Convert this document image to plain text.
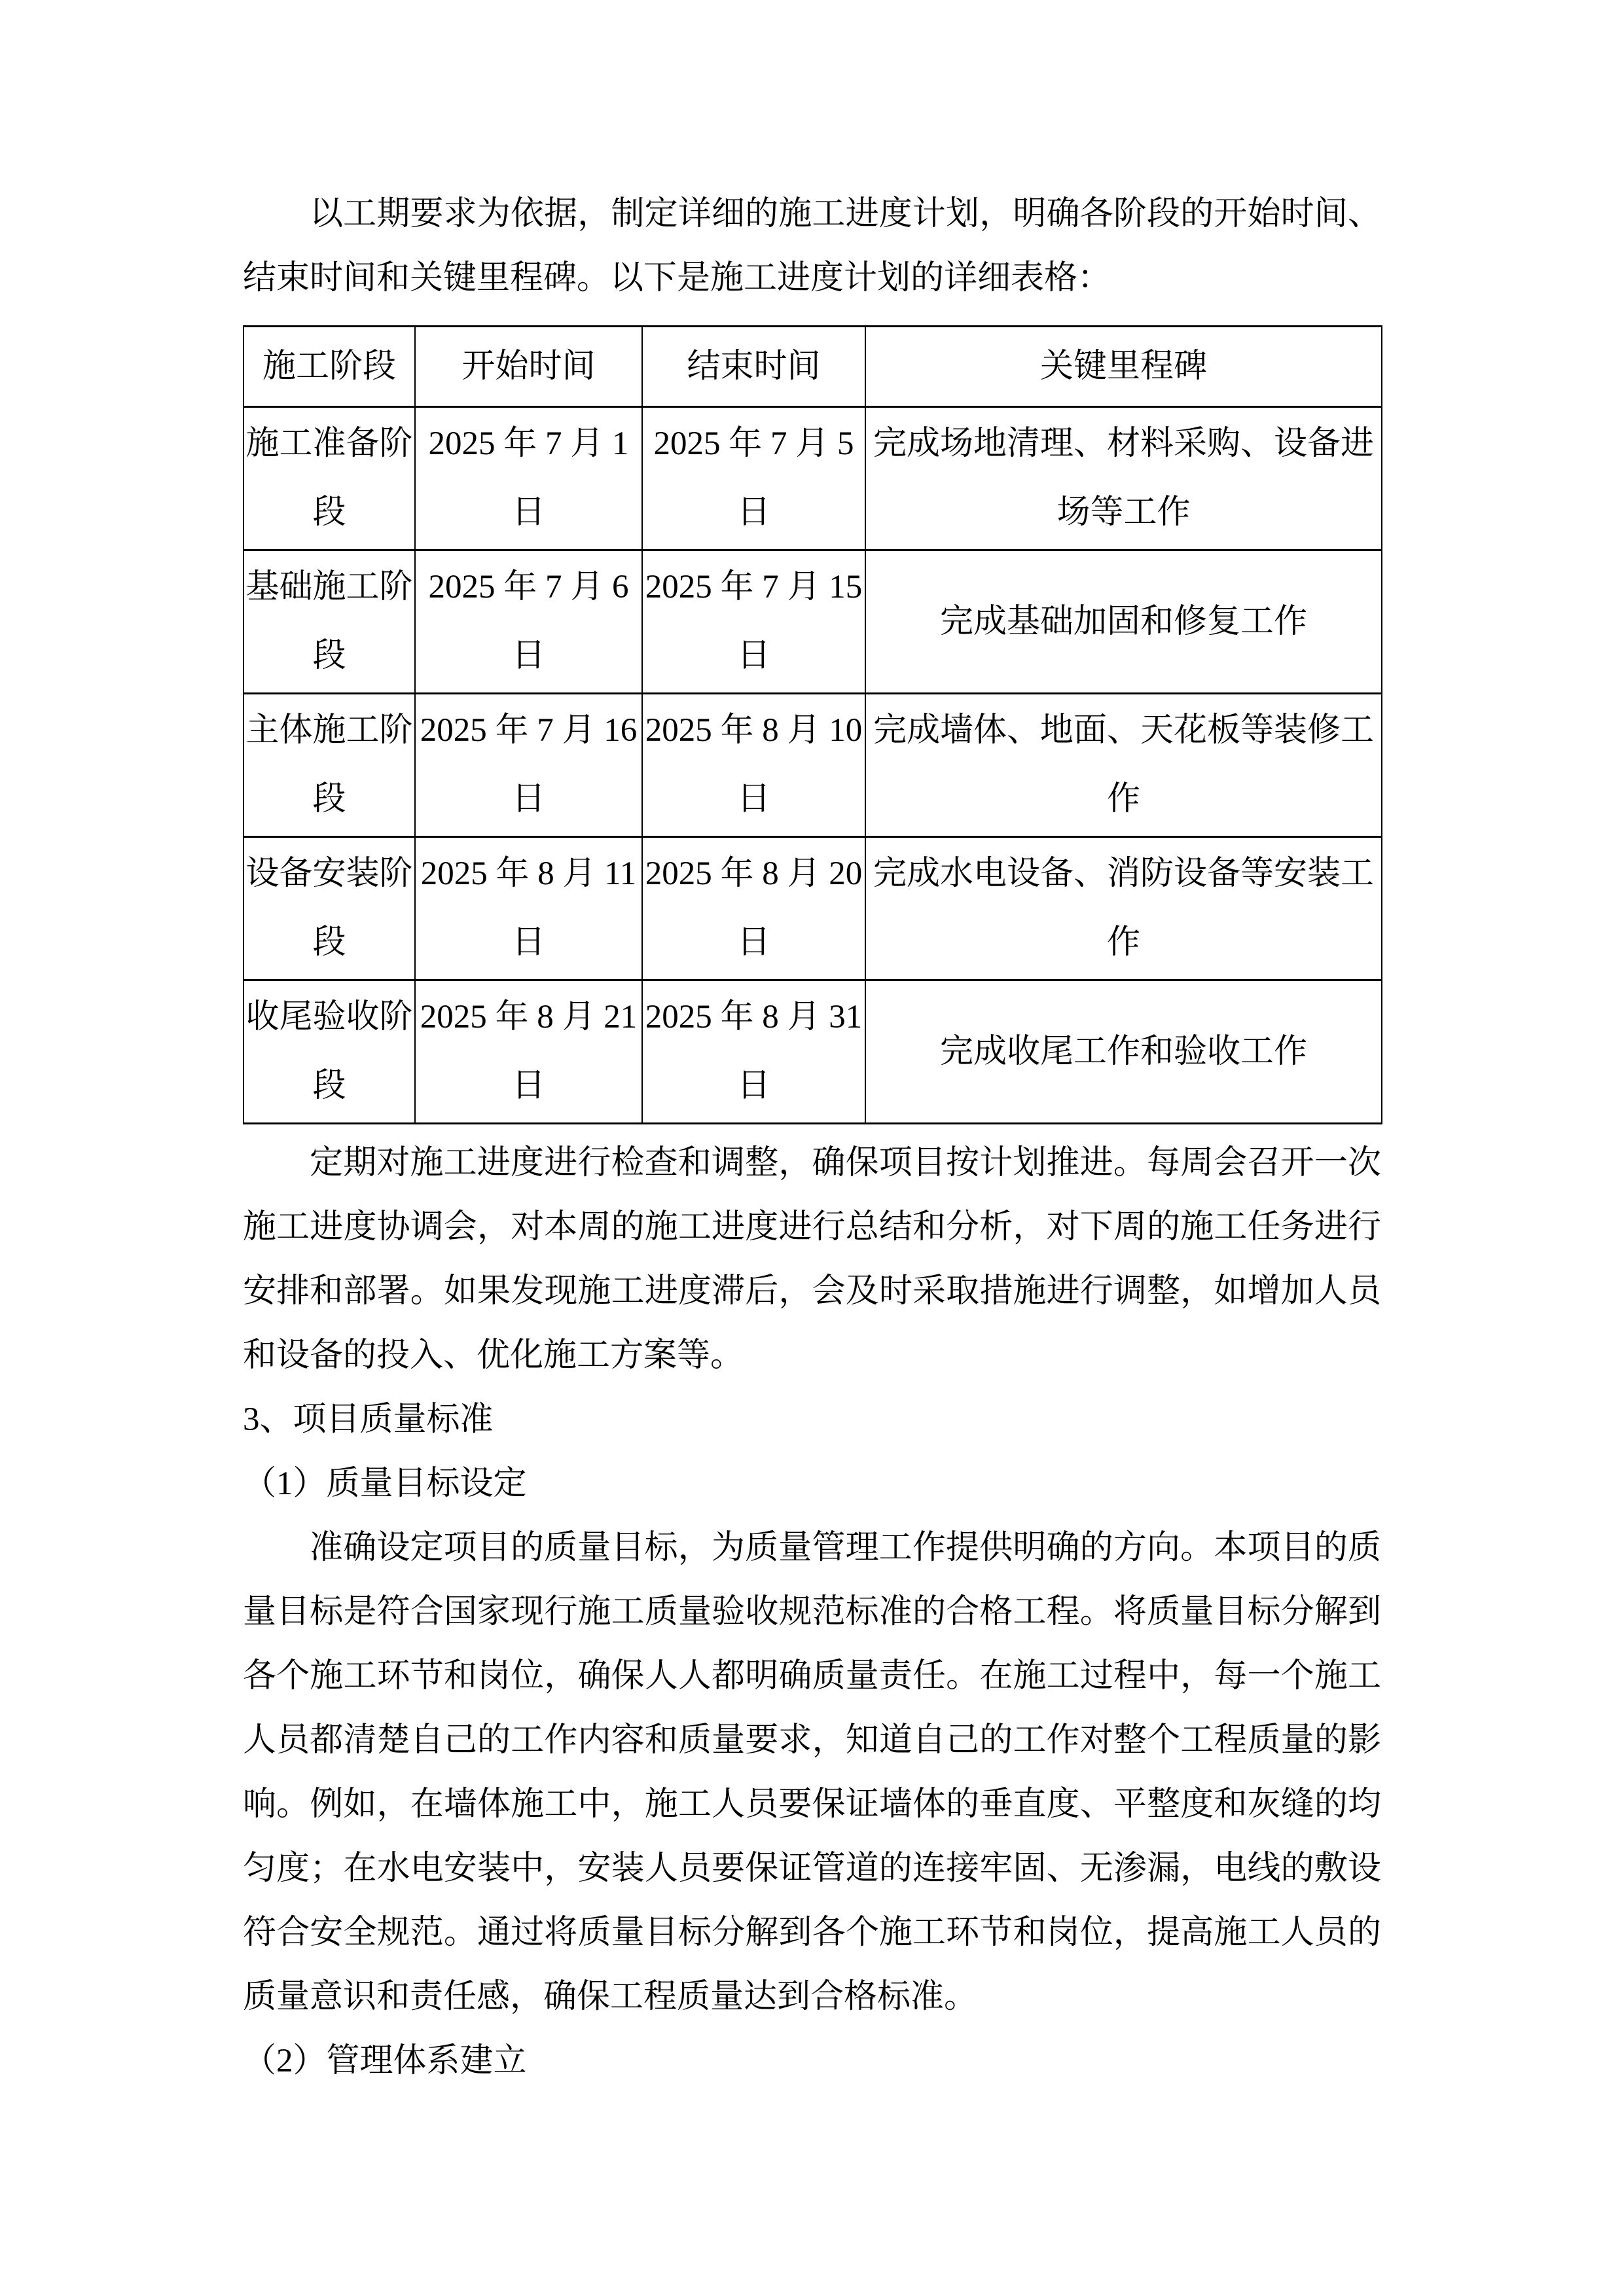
以工期要求为依据，制定详细的施工进度计划，明确各阶段的开始时间、结束时间和关键里程碑。以下是施工进度计划的详细表格：

施工阶段	开始时间	结束时间	关键里程碑
施工准备阶段	2025 年 7 月 1 日	2025 年 7 月 5 日	完成场地清理、材料采购、设备进场等工作
基础施工阶段	2025 年 7 月 6 日	2025 年 7 月 15 日	完成基础加固和修复工作
主体施工阶段	2025 年 7 月 16 日	2025 年 8 月 10 日	完成墙体、地面、天花板等装修工作
设备安装阶段	2025 年 8 月 11 日	2025 年 8 月 20 日	完成水电设备、消防设备等安装工作
收尾验收阶段	2025 年 8 月 21 日	2025 年 8 月 31 日	完成收尾工作和验收工作

定期对施工进度进行检查和调整，确保项目按计划推进。每周会召开一次施工进度协调会，对本周的施工进度进行总结和分析，对下周的施工任务进行安排和部署。如果发现施工进度滞后，会及时采取措施进行调整，如增加人员和设备的投入、优化施工方案等。

3、项目质量标准

（1）质量目标设定

准确设定项目的质量目标，为质量管理工作提供明确的方向。本项目的质量目标是符合国家现行施工质量验收规范标准的合格工程。将质量目标分解到各个施工环节和岗位，确保人人都明确质量责任。在施工过程中，每一个施工人员都清楚自己的工作内容和质量要求，知道自己的工作对整个工程质量的影响。例如，在墙体施工中，施工人员要保证墙体的垂直度、平整度和灰缝的均匀度；在水电安装中，安装人员要保证管道的连接牢固、无渗漏，电线的敷设符合安全规范。通过将质量目标分解到各个施工环节和岗位，提高施工人员的质量意识和责任感，确保工程质量达到合格标准。

（2）管理体系建立
